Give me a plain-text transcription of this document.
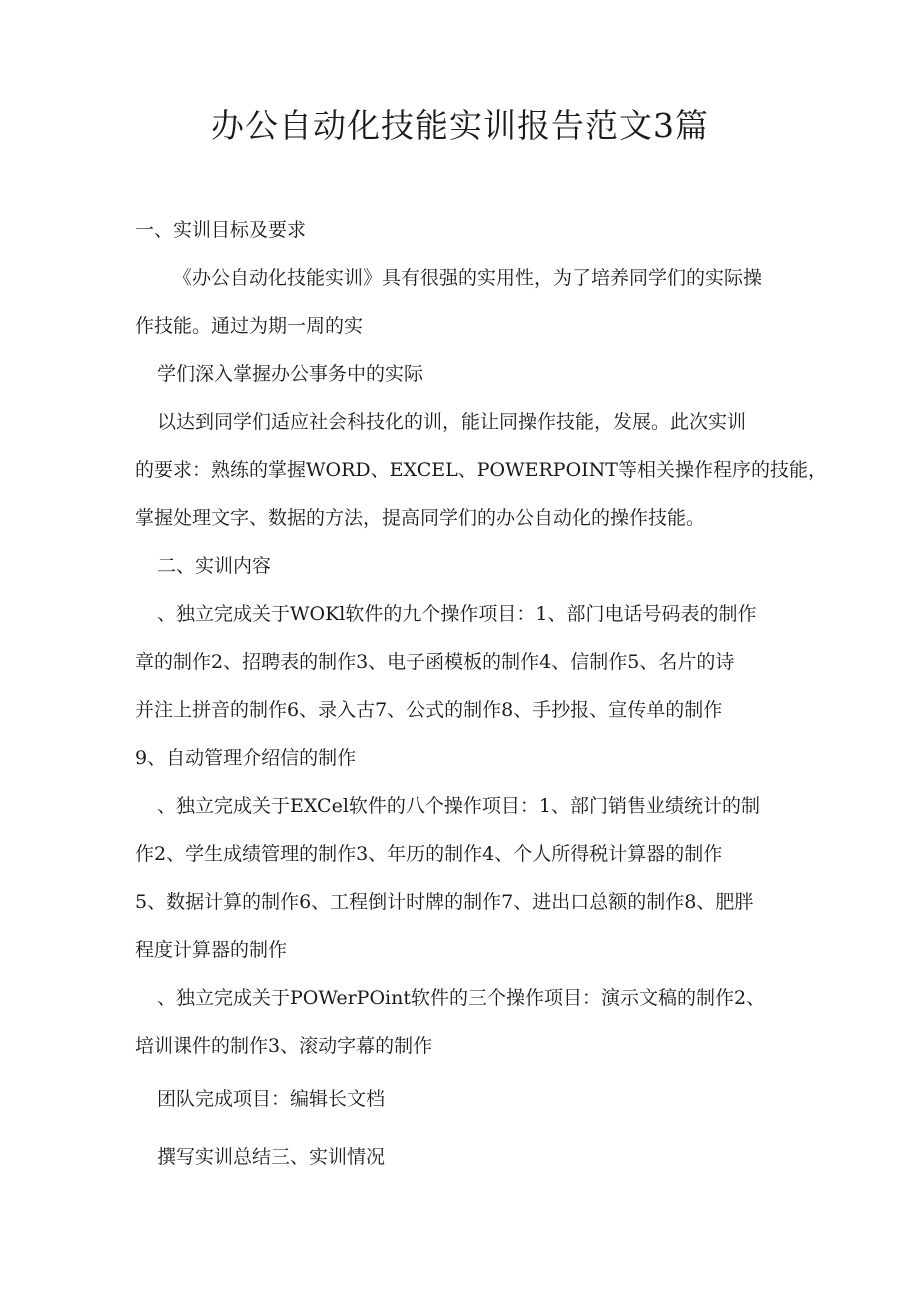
办公自动化技能实训报告范文3篇
一、实训目标及要求
《办公自动化技能实训》具有很强的实用性，为了培养同学们的实际操
作技能。通过为期一周的实
学们深入掌握办公事务中的实际
以达到同学们适应社会科技化的训，能让同操作技能，发展。此次实训
的要求：熟练的掌握WORD、EXCEL、POWERPOINT等相关操作程序的技能，
掌握处理文字、数据的方法，提高同学们的办公自动化的操作技能。
二、实训内容
、独立完成关于WOKl软件的九个操作项目：1、部门电话号码表的制作
章的制作2、招聘表的制作3、电子函模板的制作4、信制作5、名片的诗
并注上拼音的制作6、录入古7、公式的制作8、手抄报、宣传单的制作
9、自动管理介绍信的制作
、独立完成关于EXCel软件的八个操作项目：1、部门销售业绩统计的制
作2、学生成绩管理的制作3、年历的制作4、个人所得税计算器的制作
5、数据计算的制作6、工程倒计时牌的制作7、进出口总额的制作8、肥胖
程度计算器的制作
、独立完成关于POWerPOint软件的三个操作项目：演示文稿的制作2、
培训课件的制作3、滚动字幕的制作
团队完成项目：编辑长文档
撰写实训总结三、实训情况
